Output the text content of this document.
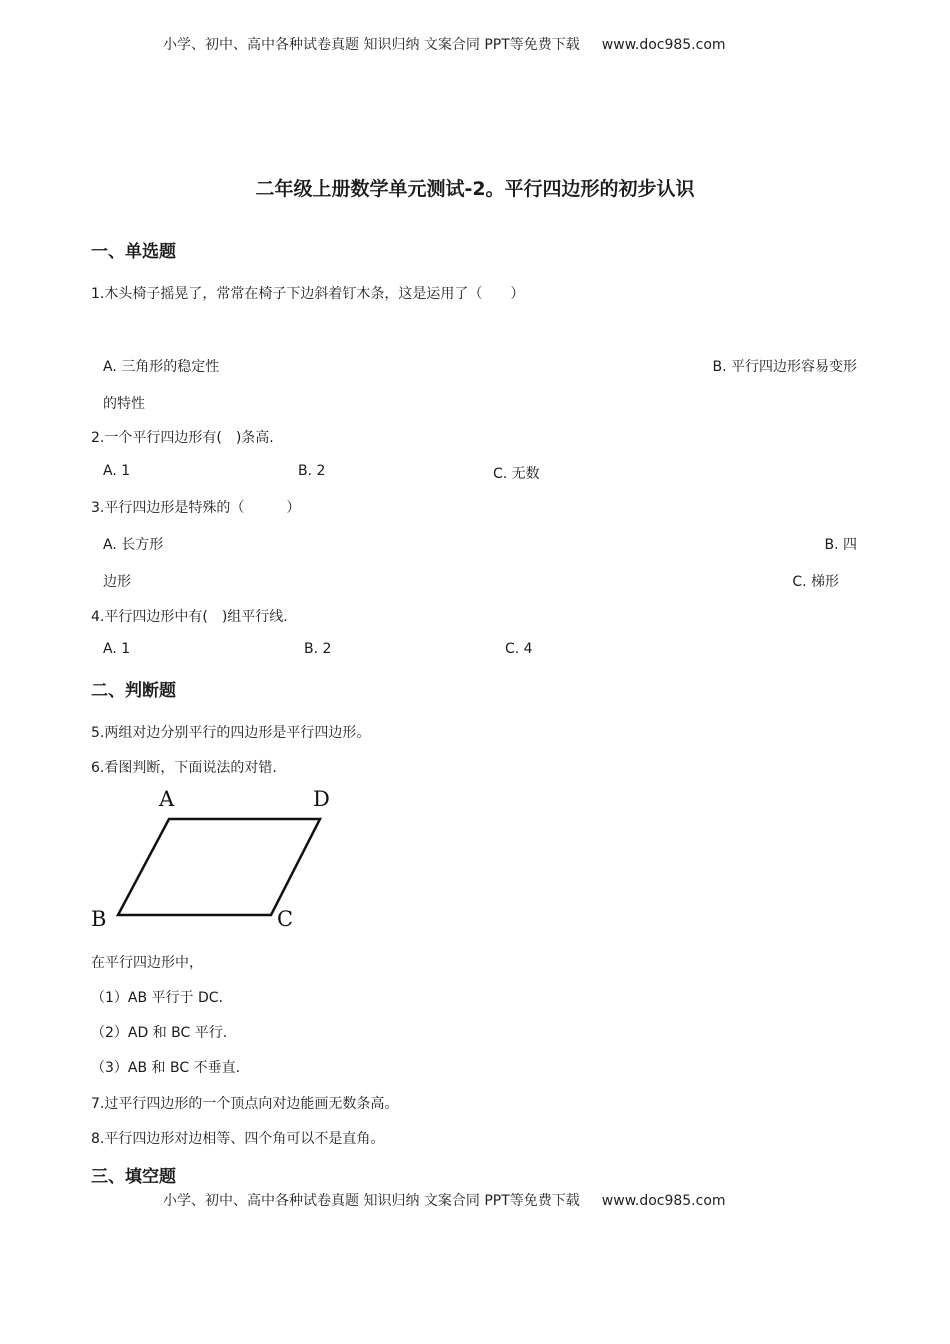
小学、初中、高中各种试卷真题 知识归纳 文案合同 PPT等免费下载 www.doc985.com
二年级上册数学单元测试-2。平行四边形的初步认识
一、单选题
1.木头椅子摇晃了，常常在椅子下边斜着钉木条，这是运用了（　　）
A. 三角形的稳定性	B. 平行四边形容易变形
的特性
2.一个平行四边形有(　)条高.
A. 1	B. 2	C. 无数
3.平行四边形是特殊的（　　　）
A. 长方形	B. 四
边形	C. 梯形
4.平行四边形中有(　)组平行线.
A. 1	B. 2	C. 4
二、判断题
5.两组对边分别平行的四边形是平行四边形。
6.看图判断，下面说法的对错.
A	D
B	C
在平行四边形中，
（1）AB 平行于 DC.
（2）AD 和 BC 平行.
（3）AB 和 BC 不垂直.
7.过平行四边形的一个顶点向对边能画无数条高。
8.平行四边形对边相等、四个角可以不是直角。
三、填空题
小学、初中、高中各种试卷真题 知识归纳 文案合同 PPT等免费下载 www.doc985.com
